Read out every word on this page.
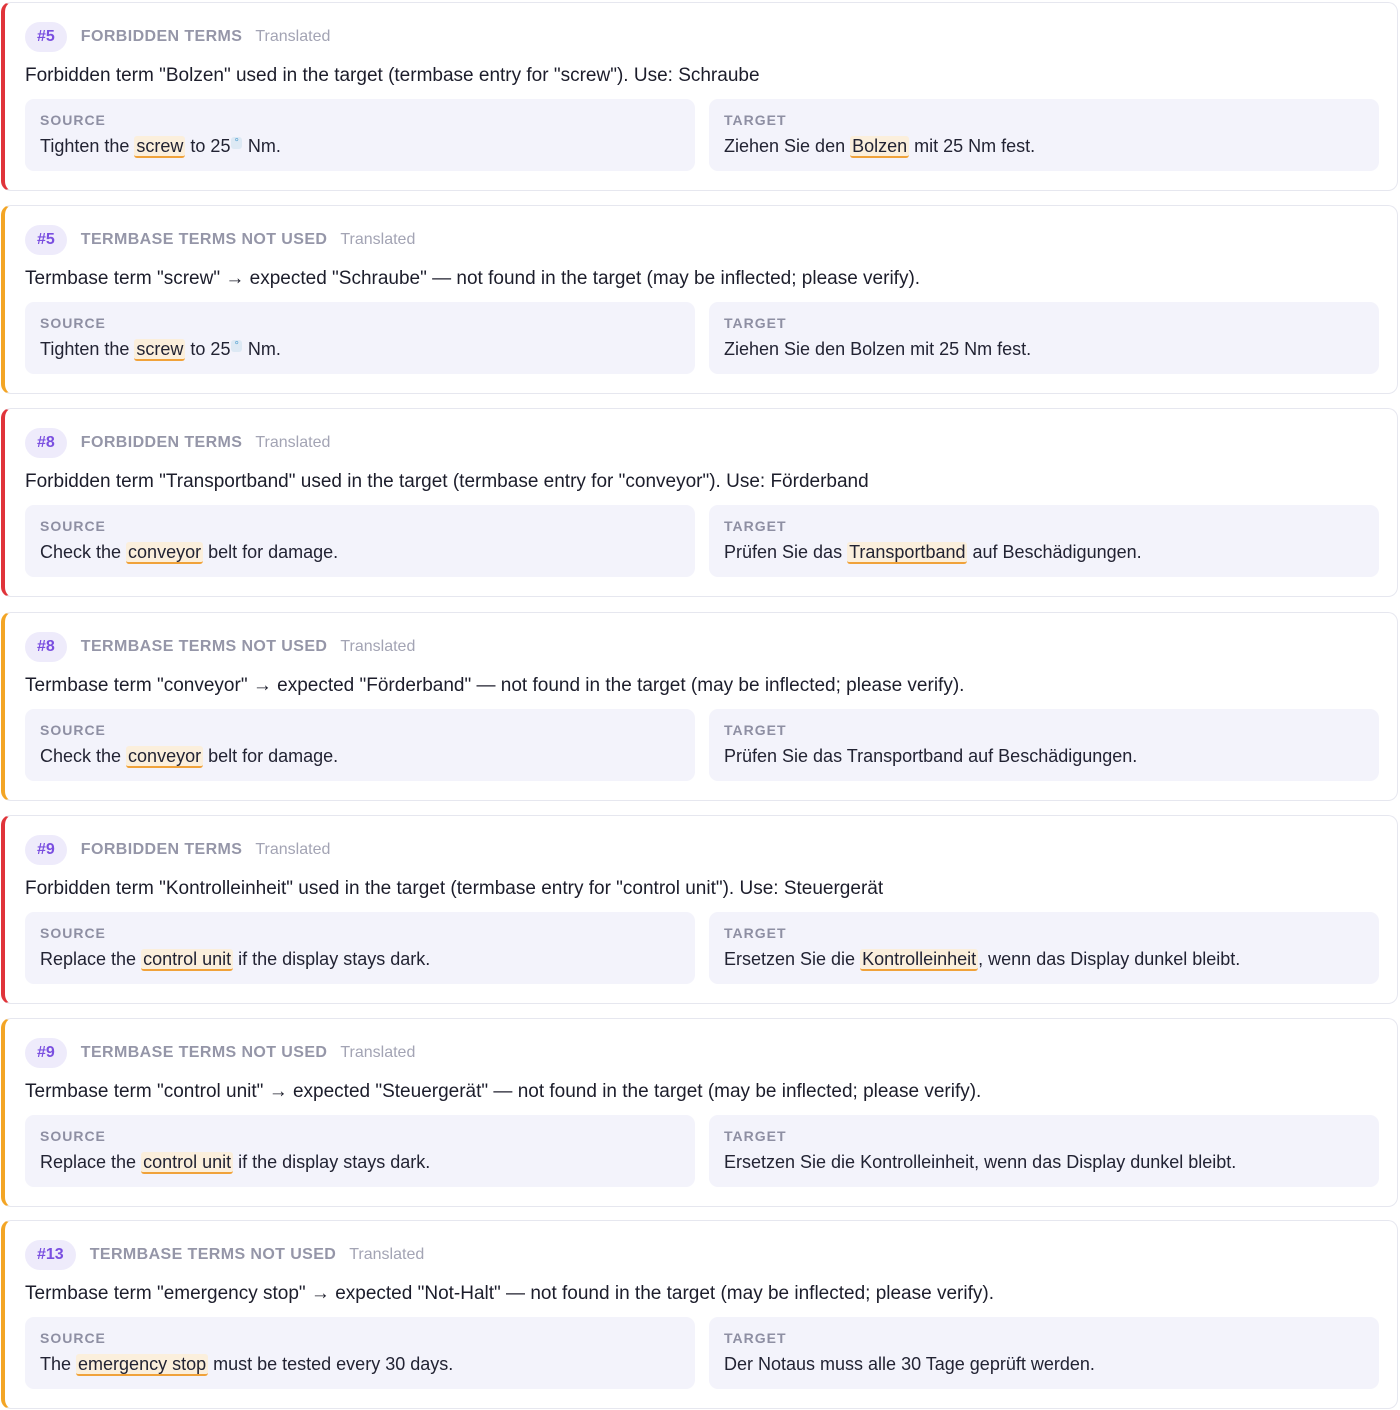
#5	FORBIDDEN TERMS Translated
Forbidden term "Bolzen" used in the target (termbase entry for "screw"). Use: Schraube
SOURCE
Tighten the screw to 25 ° Nm.
TARGET
Ziehen Sie den Bolzen mit 25 Nm fest.
#5	TERMBASE TERMS NOT USED Translated
Termbase term "screw" → expected "Schraube" — not found in the target (may be inflected; please verify).
SOURCE
Tighten the screw to 25 ° Nm.
TARGET
Ziehen Sie den Bolzen mit 25 Nm fest.
#8	FORBIDDEN TERMS Translated
Forbidden term "Transportband" used in the target (termbase entry for "conveyor"). Use: Förderband
SOURCE
Check the conveyor belt for damage.
TARGET
Prüfen Sie das Transportband auf Beschädigungen.
#8	TERMBASE TERMS NOT USED Translated
Termbase term "conveyor" → expected "Förderband" — not found in the target (may be inflected; please verify).
SOURCE
Check the conveyor belt for damage.
TARGET
Prüfen Sie das Transportband auf Beschädigungen.
#9	FORBIDDEN TERMS Translated
Forbidden term "Kontrolleinheit" used in the target (termbase entry for "control unit"). Use: Steuergerät
SOURCE
Replace the control unit if the display stays dark.
TARGET
Ersetzen Sie die Kontrolleinheit , wenn das Display dunkel bleibt.
#9	TERMBASE TERMS NOT USED Translated
Termbase term "control unit" → expected "Steuergerät" — not found in the target (may be inflected; please verify).
SOURCE
Replace the control unit if the display stays dark.
TARGET
Ersetzen Sie die Kontrolleinheit, wenn das Display dunkel bleibt.
#13	TERMBASE TERMS NOT USED Translated
Termbase term "emergency stop" → expected "Not-Halt" — not found in the target (may be inflected; please verify).
SOURCE
The emergency stop must be tested every 30 days.
TARGET
Der Notaus muss alle 30 Tage geprüft werden.
